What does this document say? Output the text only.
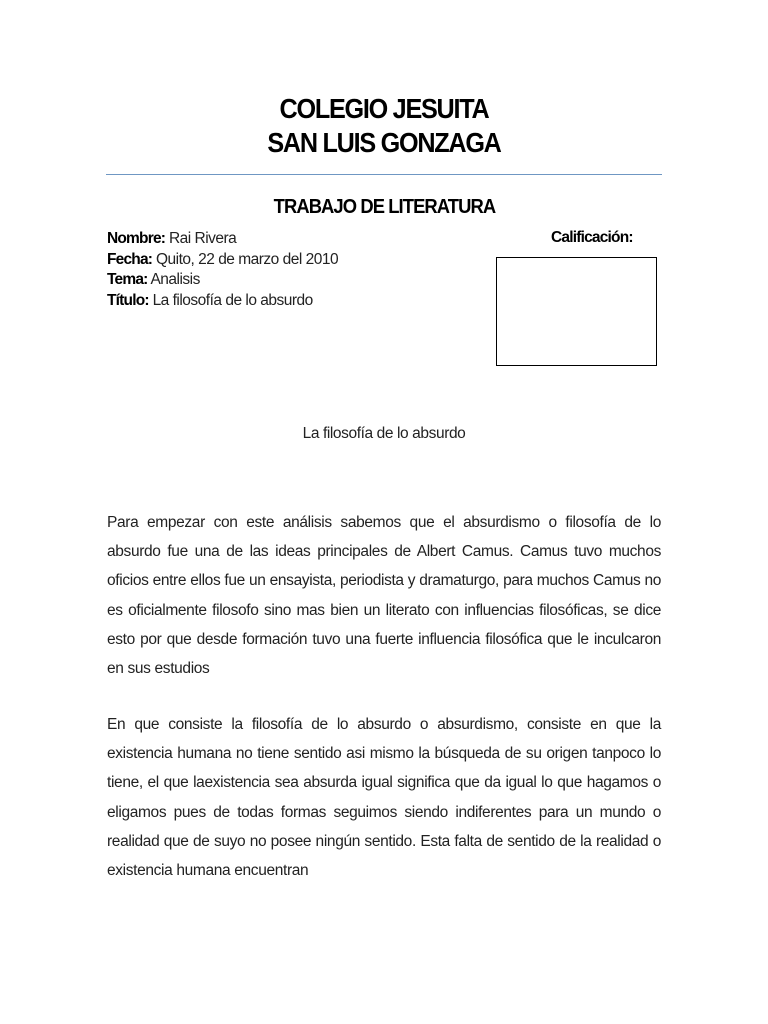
COLEGIO JESUITA
SAN LUIS GONZAGA
TRABAJO DE LITERATURA
Nombre: Rai Rivera
Fecha: Quito, 22 de marzo del 2010
Tema: Analisis
Título: La filosofía de lo absurdo
Calificación:
La filosofía de lo absurdo
Para empezar con este análisis sabemos que el absurdismo o filosofía de lo absurdo fue una de las ideas principales de Albert Camus. Camus tuvo muchos oficios entre ellos fue un ensayista, periodista y dramaturgo, para muchos Camus no es oficialmente filosofo sino mas bien un literato con influencias filosóficas, se dice esto por que desde formación tuvo una fuerte influencia filosófica que le inculcaron en sus estudios
En que consiste la filosofía de lo absurdo o absurdismo, consiste en que la existencia humana no tiene sentido asi mismo la búsqueda de su origen tanpoco lo tiene, el que laexistencia sea absurda igual significa que da igual lo que hagamos o eligamos pues de todas formas seguimos siendo indiferentes para un mundo o realidad que de suyo no posee ningún sentido. Esta falta de sentido de la realidad o existencia humana encuentran
